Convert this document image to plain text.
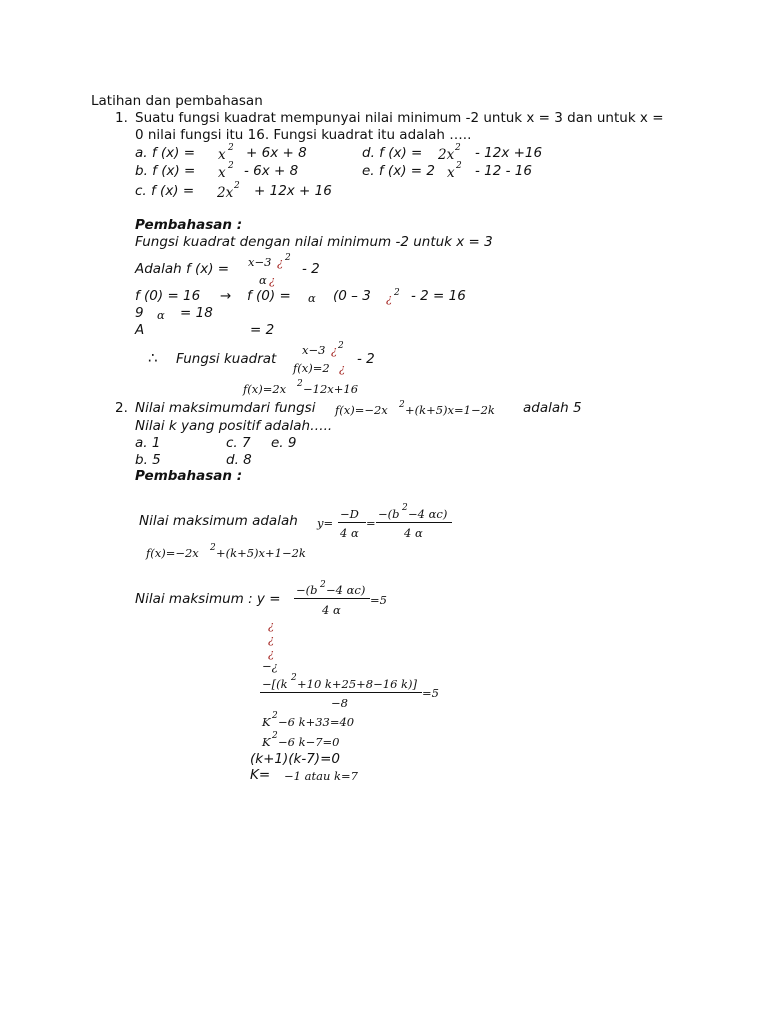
Latihan dan pembahasan
1. Suatu fungsi kuadrat mempunyai nilai minimum -2 untuk x = 3 dan untuk x =
0 nilai fungsi itu 16. Fungsi kuadrat itu adalah …..
a. f (x) = x 2 + 6x + 8	d. f (x) = 2x 2 - 12x +16
b. f (x) = x 2 - 6x + 8	e. f (x) = 2 x 2 - 12 - 16
c. f (x) = 2x 2 + 12x + 16
Pembahasan :
Fungsi kuadrat dengan nilai minimum -2 untuk x = 3
Adalah f (x) = x−3 ¿ 2
α ¿
- 2
f (0) = 16 → f (0) = α (0 – 3 ¿ 2 - 2 = 16
9 α = 18
A	= 2
∴ Fungsi kuadrat
x−3 ¿ 2
f(x)=2 ¿
- 2
f(x)=2x 2 −12x+16
2. Nilai maksimumdari fungsi f(x)=−2x 2 +(k+5)x=1−2k adalah 5
Nilai k yang positif adalah…..
a. 1	c. 7 e. 9
b. 5	d. 8
Pembahasan :
Nilai maksimum adalah y=
−D
4 α
=
−(b 2 −4 αc)
4 α
f(x)=−2x 2 +(k+5)x+1−2k
Nilai maksimum : y =
−(b 2 −4 αc)
4 α
=5
¿
¿
¿
−¿
−[(k 2 +10 k+25+8−16 k)]
−8
=5
K 2 −6 k+33=40
K 2 −6 k−7=0
(k+1)(k-7)=0
K= −1 atau k=7
